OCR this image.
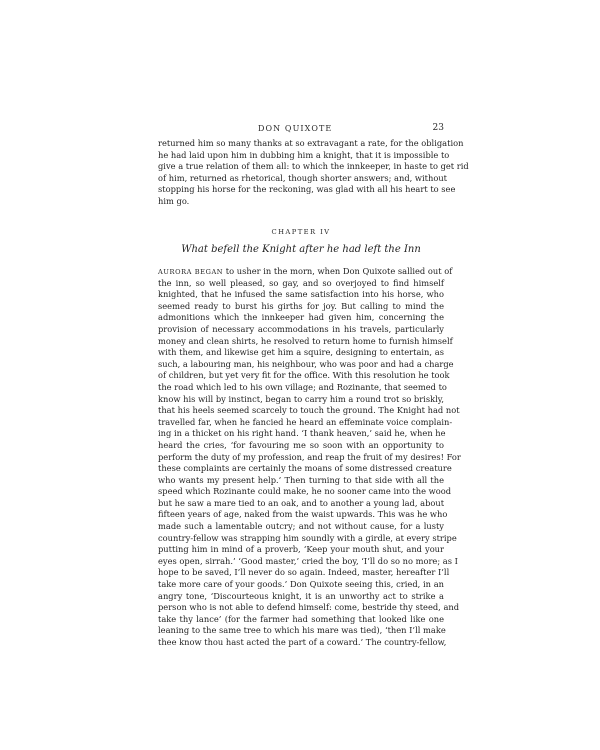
DON QUIXOTE	23
returned him so many thanks at so extravagant a rate, for the obligation
he had laid upon him in dubbing him a knight, that it is impossible to
give a true relation of them all: to which the innkeeper, in haste to get rid
of him, returned as rhetorical, though shorter answers; and, without
stopping his horse for the reckoning, was glad with all his heart to see
him go.
CHAPTER IV
What befell the Knight after he had left the Inn
AURORA BEGAN to usher in the morn, when Don Quixote sallied out of
the inn, so well pleased, so gay, and so overjoyed to find himself
knighted, that he infused the same satisfaction into his horse, who
seemed ready to burst his girths for joy. But calling to mind the
admonitions which the innkeeper had given him, concerning the
provision of necessary accommodations in his travels, particularly
money and clean shirts, he resolved to return home to furnish himself
with them, and likewise get him a squire, designing to entertain, as
such, a labouring man, his neighbour, who was poor and had a charge
of children, but yet very fit for the office. With this resolution he took
the road which led to his own village; and Rozinante, that seemed to
know his will by instinct, began to carry him a round trot so briskly,
that his heels seemed scarcely to touch the ground. The Knight had not
travelled far, when he fancied he heard an effeminate voice complain-
ing in a thicket on his right hand. ‘I thank heaven,’ said he, when he
heard the cries, ‘for favouring me so soon with an opportunity to
perform the duty of my profession, and reap the fruit of my desires! For
these complaints are certainly the moans of some distressed creature
who wants my present help.’ Then turning to that side with all the
speed which Rozinante could make, he no sooner came into the wood
but he saw a mare tied to an oak, and to another a young lad, about
fifteen years of age, naked from the waist upwards. This was he who
made such a lamentable outcry; and not without cause, for a lusty
country-fellow was strapping him soundly with a girdle, at every stripe
putting him in mind of a proverb, ‘Keep your mouth shut, and your
eyes open, sirrah.’ ‘Good master,’ cried the boy, ‘I’ll do so no more; as I
hope to be saved, I’ll never do so again. Indeed, master, hereafter I’ll
take more care of your goods.’ Don Quixote seeing this, cried, in an
angry tone, ‘Discourteous knight, it is an unworthy act to strike a
person who is not able to defend himself: come, bestride thy steed, and
take thy lance’ (for the farmer had something that looked like one
leaning to the same tree to which his mare was tied), ‘then I’ll make
thee know thou hast acted the part of a coward.’ The country-fellow,
